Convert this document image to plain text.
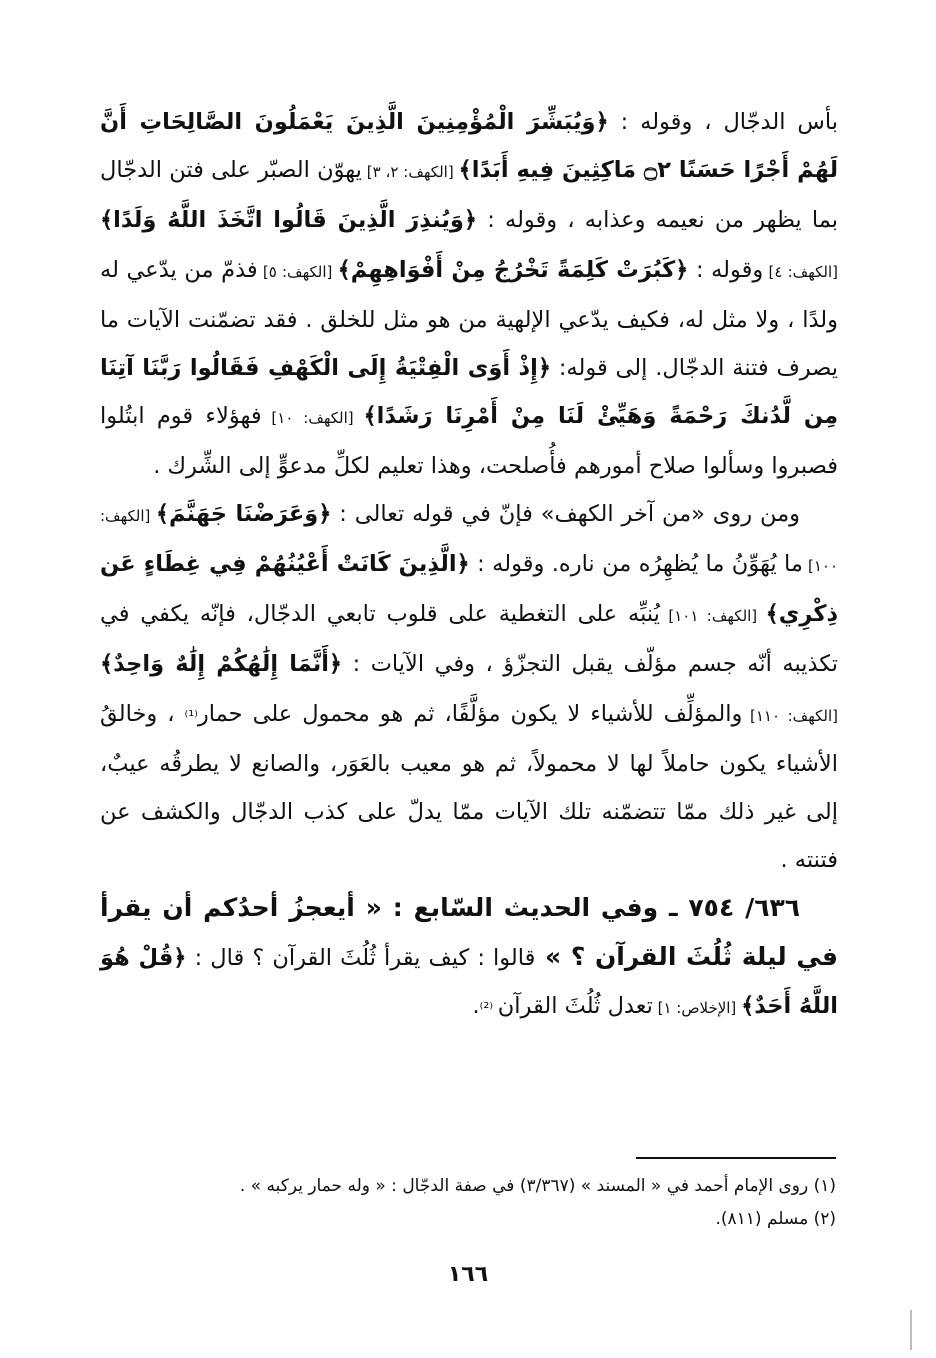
بأس الدجّال ، وقوله : ﴿وَيُبَشِّرَ الْمُؤْمِنِينَ الَّذِينَ يَعْمَلُونَ الصَّالِحَاتِ أَنَّ لَهُمْ أَجْرًا حَسَنًا ۝٢ مَاكِثِينَ فِيهِ أَبَدًا﴾ [الكهف: ٢، ٣] يهوّن الصبّر على فتن الدجّال بما يظهر من نعيمه وعذابه ، وقوله : ﴿وَيُنذِرَ الَّذِينَ قَالُوا اتَّخَذَ اللَّهُ وَلَدًا﴾ [الكهف: ٤] وقوله : ﴿كَبُرَتْ كَلِمَةً تَخْرُجُ مِنْ أَفْوَاهِهِمْ﴾ [الكهف: ٥] فذمّ من يدّعي له ولدًا ، ولا مثل له، فكيف يدّعي الإلهية من هو مثل للخلق . فقد تضمّنت الآيات ما يصرف فتنة الدجّال. إلى قوله: ﴿إِذْ أَوَى الْفِتْيَةُ إِلَى الْكَهْفِ فَقَالُوا رَبَّنَا آتِنَا مِن لَّدُنكَ رَحْمَةً وَهَيِّئْ لَنَا مِنْ أَمْرِنَا رَشَدًا﴾ [الكهف: ١٠] فهؤلاء قوم ابتُلوا فصبروا وسألوا صلاح أمورهم فأُصلحت، وهذا تعليم لكلِّ مدعوٍّ إلى الشِّرك .

ومن روى «من آخر الكهف» فإنّ في قوله تعالى : ﴿وَعَرَضْنَا جَهَنَّمَ﴾ [الكهف: ١٠٠] ما يُهَوِّنُ ما يُظهِرُه من ناره. وقوله : ﴿الَّذِينَ كَانَتْ أَعْيُنُهُمْ فِي غِطَاءٍ عَن ذِكْرِي﴾ [الكهف: ١٠١] يُنبِّه على التغطية على قلوب تابعي الدجّال، فإنّه يكفي في تكذيبه أنّه جسم مؤلّف يقبل التجزّؤ ، وفي الآيات : ﴿أَنَّمَا إِلَٰهُكُمْ إِلَٰهٌ وَاحِدٌ﴾ [الكهف: ١١٠] والمؤلِّف للأشياء لا يكون مؤلَّفًا، ثم هو محمول على حمار⁽¹⁾ ، وخالقُ الأشياء يكون حاملاً لها لا محمولاً، ثم هو معيب بالعَوَر، والصانع لا يطرقُه عيبٌ، إلى غير ذلك ممّا تتضمّنه تلك الآيات ممّا يدلّ على كذب الدجّال والكشف عن فتنته .

٦٣٦/ ٧٥٤ ـ وفي الحديث السّابع : « أيعجزُ أحدُكم أن يقرأ في ليلة ثُلُثَ القرآن ؟ » قالوا : كيف يقرأ ثُلُثَ القرآن ؟ قال : ﴿قُلْ هُوَ اللَّهُ أَحَدٌ﴾ [الإخلاص: ١] تعدل ثُلُثَ القرآن ⁽²⁾.

(١) روى الإمام أحمد في « المسند » (٣/٣٦٧) في صفة الدجّال : « وله حمار يركبه » .

(٢) مسلم (٨١١).

١٦٦
